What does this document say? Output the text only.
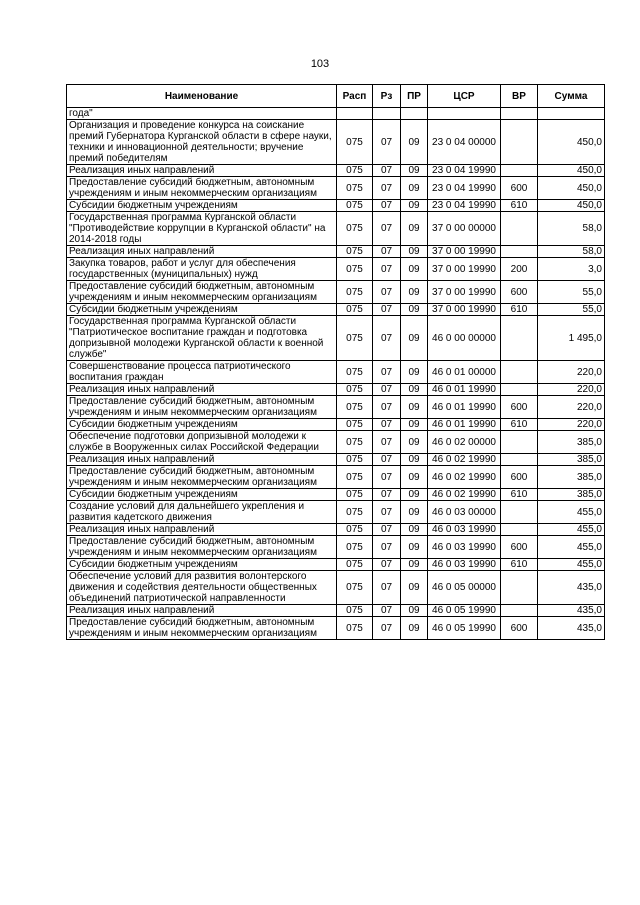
103
Наименование	Расп	Рз	ПР	ЦСР	ВР	Сумма
года"						
Организация и проведение конкурса на соискание премий Губернатора Курганской области в сфере науки, техники и инновационной деятельности; вручение премий победителям	075	07	09	23 0 04 00000		450,0
Реализация иных направлений	075	07	09	23 0 04 19990		450,0
Предоставление субсидий бюджетным, автономным учреждениям и иным некоммерческим организациям	075	07	09	23 0 04 19990	600	450,0
Субсидии бюджетным учреждениям	075	07	09	23 0 04 19990	610	450,0
Государственная программа Курганской области "Противодействие коррупции в Курганской области" на 2014-2018 годы	075	07	09	37 0 00 00000		58,0
Реализация иных направлений	075	07	09	37 0 00 19990		58,0
Закупка товаров, работ и услуг для обеспечения государственных (муниципальных) нужд	075	07	09	37 0 00 19990	200	3,0
Предоставление субсидий бюджетным, автономным учреждениям и иным некоммерческим организациям	075	07	09	37 0 00 19990	600	55,0
Субсидии бюджетным учреждениям	075	07	09	37 0 00 19990	610	55,0
Государственная программа Курганской области "Патриотическое воспитание граждан и подготовка допризывной молодежи Курганской области к военной службе"	075	07	09	46 0 00 00000		1 495,0
Совершенствование процесса патриотического воспитания граждан	075	07	09	46 0 01 00000		220,0
Реализация иных направлений	075	07	09	46 0 01 19990		220,0
Предоставление субсидий бюджетным, автономным учреждениям и иным некоммерческим организациям	075	07	09	46 0 01 19990	600	220,0
Субсидии бюджетным учреждениям	075	07	09	46 0 01 19990	610	220,0
Обеспечение подготовки допризывной молодежи к службе в Вооруженных силах Российской Федерации	075	07	09	46 0 02 00000		385,0
Реализация иных направлений	075	07	09	46 0 02 19990		385,0
Предоставление субсидий бюджетным, автономным учреждениям и иным некоммерческим организациям	075	07	09	46 0 02 19990	600	385,0
Субсидии бюджетным учреждениям	075	07	09	46 0 02 19990	610	385,0
Создание условий для дальнейшего укрепления и развития кадетского движения	075	07	09	46 0 03 00000		455,0
Реализация иных направлений	075	07	09	46 0 03 19990		455,0
Предоставление субсидий бюджетным, автономным учреждениям и иным некоммерческим организациям	075	07	09	46 0 03 19990	600	455,0
Субсидии бюджетным учреждениям	075	07	09	46 0 03 19990	610	455,0
Обеспечение условий для развития волонтерского движения и содействия деятельности общественных объединений патриотической направленности	075	07	09	46 0 05 00000		435,0
Реализация иных направлений	075	07	09	46 0 05 19990		435,0
Предоставление субсидий бюджетным, автономным учреждениям и иным некоммерческим организациям	075	07	09	46 0 05 19990	600	435,0
